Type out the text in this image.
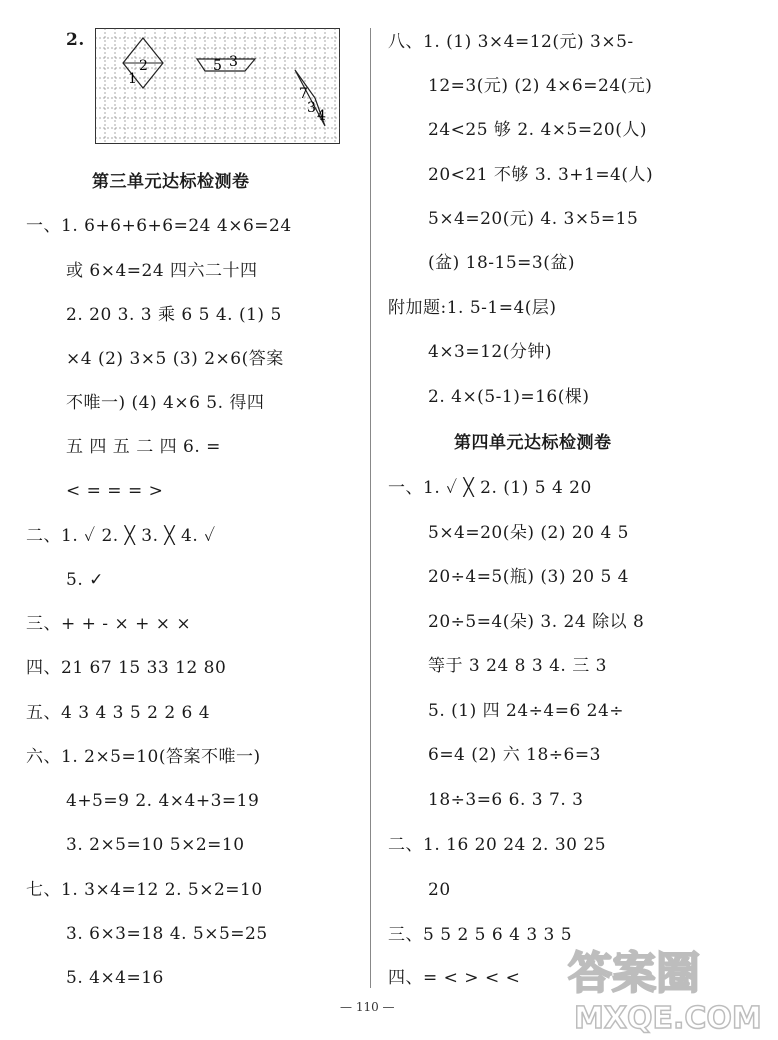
2.
2
1
5 3
7
3 4
第三单元达标检测卷
一、1. 6+6+6+6=24 4×6=24
或 6×4=24 四六二十四
2. 20 3. 3 乘 6 5 4. (1) 5
×4 (2) 3×5 (3) 2×6(答案
不唯一) (4) 4×6 5. 得四
五 四 五 二 四 6. =
< = = = >
二、1. ✓ 2. ╳ 3. ╳ 4. ✓
5. ✓
三、+ + - × + × ×
四、21 67 15 33 12 80
五、4 3 4 3 5 2 2 6 4
六、1. 2×5=10(答案不唯一)
4+5=9 2. 4×4+3=19
3. 2×5=10 5×2=10
七、1. 3×4=12 2. 5×2=10
3. 6×3=18 4. 5×5=25
5. 4×4=16
八、1. (1) 3×4=12(元) 3×5-
12=3(元) (2) 4×6=24(元)
24<25 够 2. 4×5=20(人)
20<21 不够 3. 3+1=4(人)
5×4=20(元) 4. 3×5=15
(盆) 18-15=3(盆)
附加题:1. 5-1=4(层)
4×3=12(分钟)
2. 4×(5-1)=16(棵)
第四单元达标检测卷
一、1. ✓ ╳ 2. (1) 5 4 20
5×4=20(朵) (2) 20 4 5
20÷4=5(瓶) (3) 20 5 4
20÷5=4(朵) 3. 24 除以 8
等于 3 24 8 3 4. 三 3
5. (1) 四 24÷4=6 24÷
6=4 (2) 六 18÷6=3
18÷3=6 6. 3 7. 3
二、1. 16 20 24 2. 30 25
20
三、5 5 2 5 6 4 3 3 5
四、= < > < <
— 110 —
答案圈
MXQE.COM
